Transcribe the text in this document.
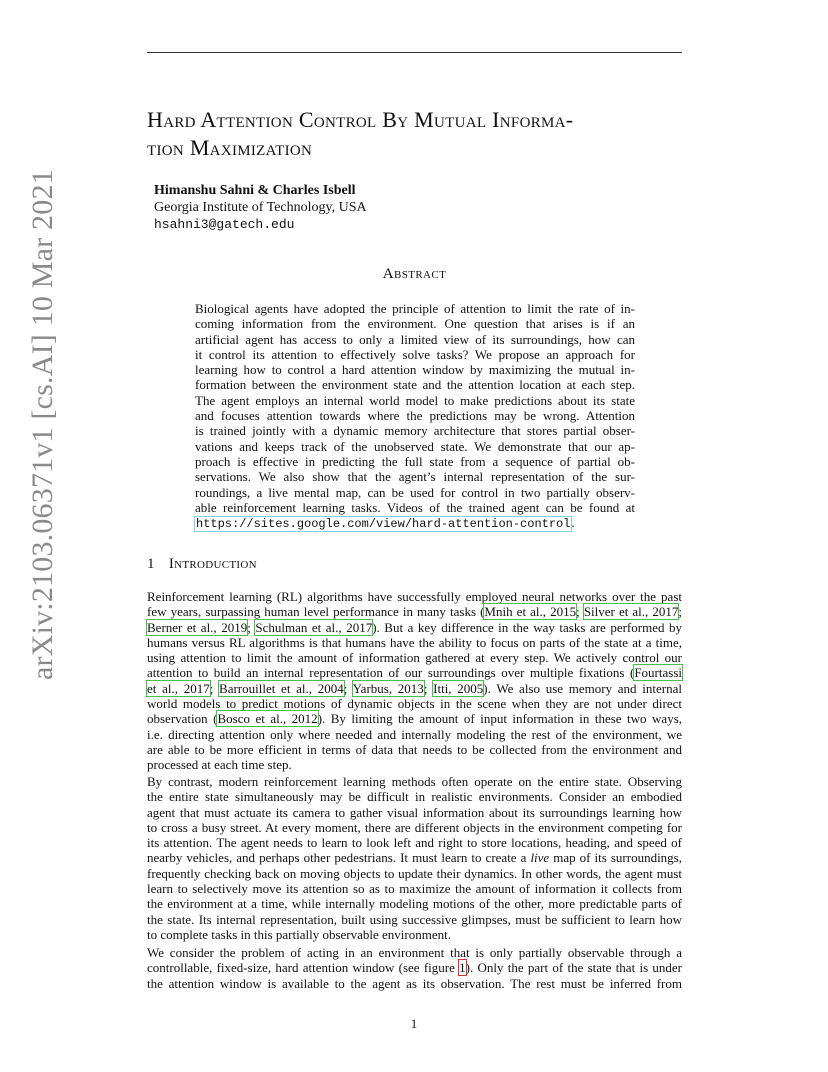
arXiv:2103.06371v1 [cs.AI] 10 Mar 2021
Hard Attention Control By Mutual Informa-
tion Maximization
Himanshu Sahni & Charles Isbell
Georgia Institute of Technology, USA
hsahni3@gatech.edu
Abstract
Biological agents have adopted the principle of attention to limit the rate of in-
coming information from the environment. One question that arises is if an
artificial agent has access to only a limited view of its surroundings, how can
it control its attention to effectively solve tasks? We propose an approach for
learning how to control a hard attention window by maximizing the mutual in-
formation between the environment state and the attention location at each step.
The agent employs an internal world model to make predictions about its state
and focuses attention towards where the predictions may be wrong. Attention
is trained jointly with a dynamic memory architecture that stores partial obser-
vations and keeps track of the unobserved state. We demonstrate that our ap-
proach is effective in predicting the full state from a sequence of partial ob-
servations. We also show that the agent’s internal representation of the sur-
roundings, a live mental map, can be used for control in two partially observ-
able reinforcement learning tasks. Videos of the trained agent can be found at
https://sites.google.com/view/hard-attention-control.
1 Introduction
Reinforcement learning (RL) algorithms have successfully employed neural networks over the past
few years, surpassing human level performance in many tasks (Mnih et al., 2015; Silver et al., 2017;
Berner et al., 2019; Schulman et al., 2017). But a key difference in the way tasks are performed by
humans versus RL algorithms is that humans have the ability to focus on parts of the state at a time,
using attention to limit the amount of information gathered at every step. We actively control our
attention to build an internal representation of our surroundings over multiple fixations (Fourtassi
et al., 2017; Barrouillet et al., 2004; Yarbus, 2013; Itti, 2005). We also use memory and internal
world models to predict motions of dynamic objects in the scene when they are not under direct
observation (Bosco et al., 2012). By limiting the amount of input information in these two ways,
i.e. directing attention only where needed and internally modeling the rest of the environment, we
are able to be more efficient in terms of data that needs to be collected from the environment and
processed at each time step.
By contrast, modern reinforcement learning methods often operate on the entire state. Observing
the entire state simultaneously may be difficult in realistic environments. Consider an embodied
agent that must actuate its camera to gather visual information about its surroundings learning how
to cross a busy street. At every moment, there are different objects in the environment competing for
its attention. The agent needs to learn to look left and right to store locations, heading, and speed of
nearby vehicles, and perhaps other pedestrians. It must learn to create a live map of its surroundings,
frequently checking back on moving objects to update their dynamics. In other words, the agent must
learn to selectively move its attention so as to maximize the amount of information it collects from
the environment at a time, while internally modeling motions of the other, more predictable parts of
the state. Its internal representation, built using successive glimpses, must be sufficient to learn how
to complete tasks in this partially observable environment.
We consider the problem of acting in an environment that is only partially observable through a
controllable, fixed-size, hard attention window (see figure 1). Only the part of the state that is under
the attention window is available to the agent as its observation. The rest must be inferred from
1
